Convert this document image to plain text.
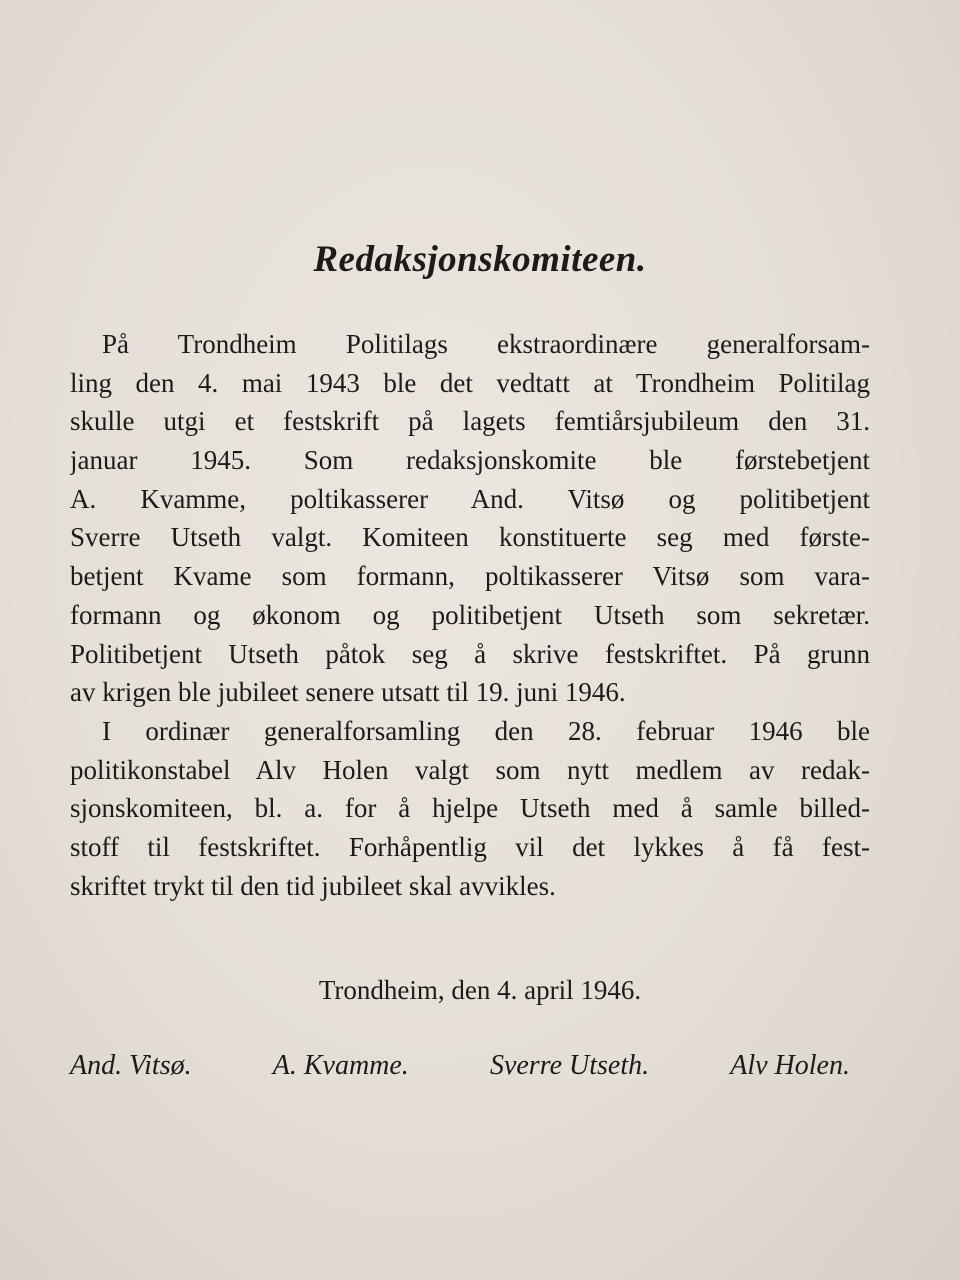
Redaksjonskomiteen.
På Trondheim Politilags ekstraordinære generalforsam-
ling den 4. mai 1943 ble det vedtatt at Trondheim Politilag
skulle utgi et festskrift på lagets femtiårsjubileum den 31.
januar 1945. Som redaksjonskomite ble førstebetjent
A. Kvamme, poltikasserer And. Vitsø og politibetjent
Sverre Utseth valgt. Komiteen konstituerte seg med første-
betjent Kvame som formann, poltikasserer Vitsø som vara-
formann og økonom og politibetjent Utseth som sekretær.
Politibetjent Utseth påtok seg å skrive festskriftet. På grunn
av krigen ble jubileet senere utsatt til 19. juni 1946.
I ordinær generalforsamling den 28. februar 1946 ble
politikonstabel Alv Holen valgt som nytt medlem av redak-
sjonskomiteen, bl. a. for å hjelpe Utseth med å samle billed-
stoff til festskriftet. Forhåpentlig vil det lykkes å få fest-
skriftet trykt til den tid jubileet skal avvikles.
Trondheim, den 4. april 1946.
And. Vitsø.	A. Kvamme.	Sverre Utseth.	Alv Holen.
